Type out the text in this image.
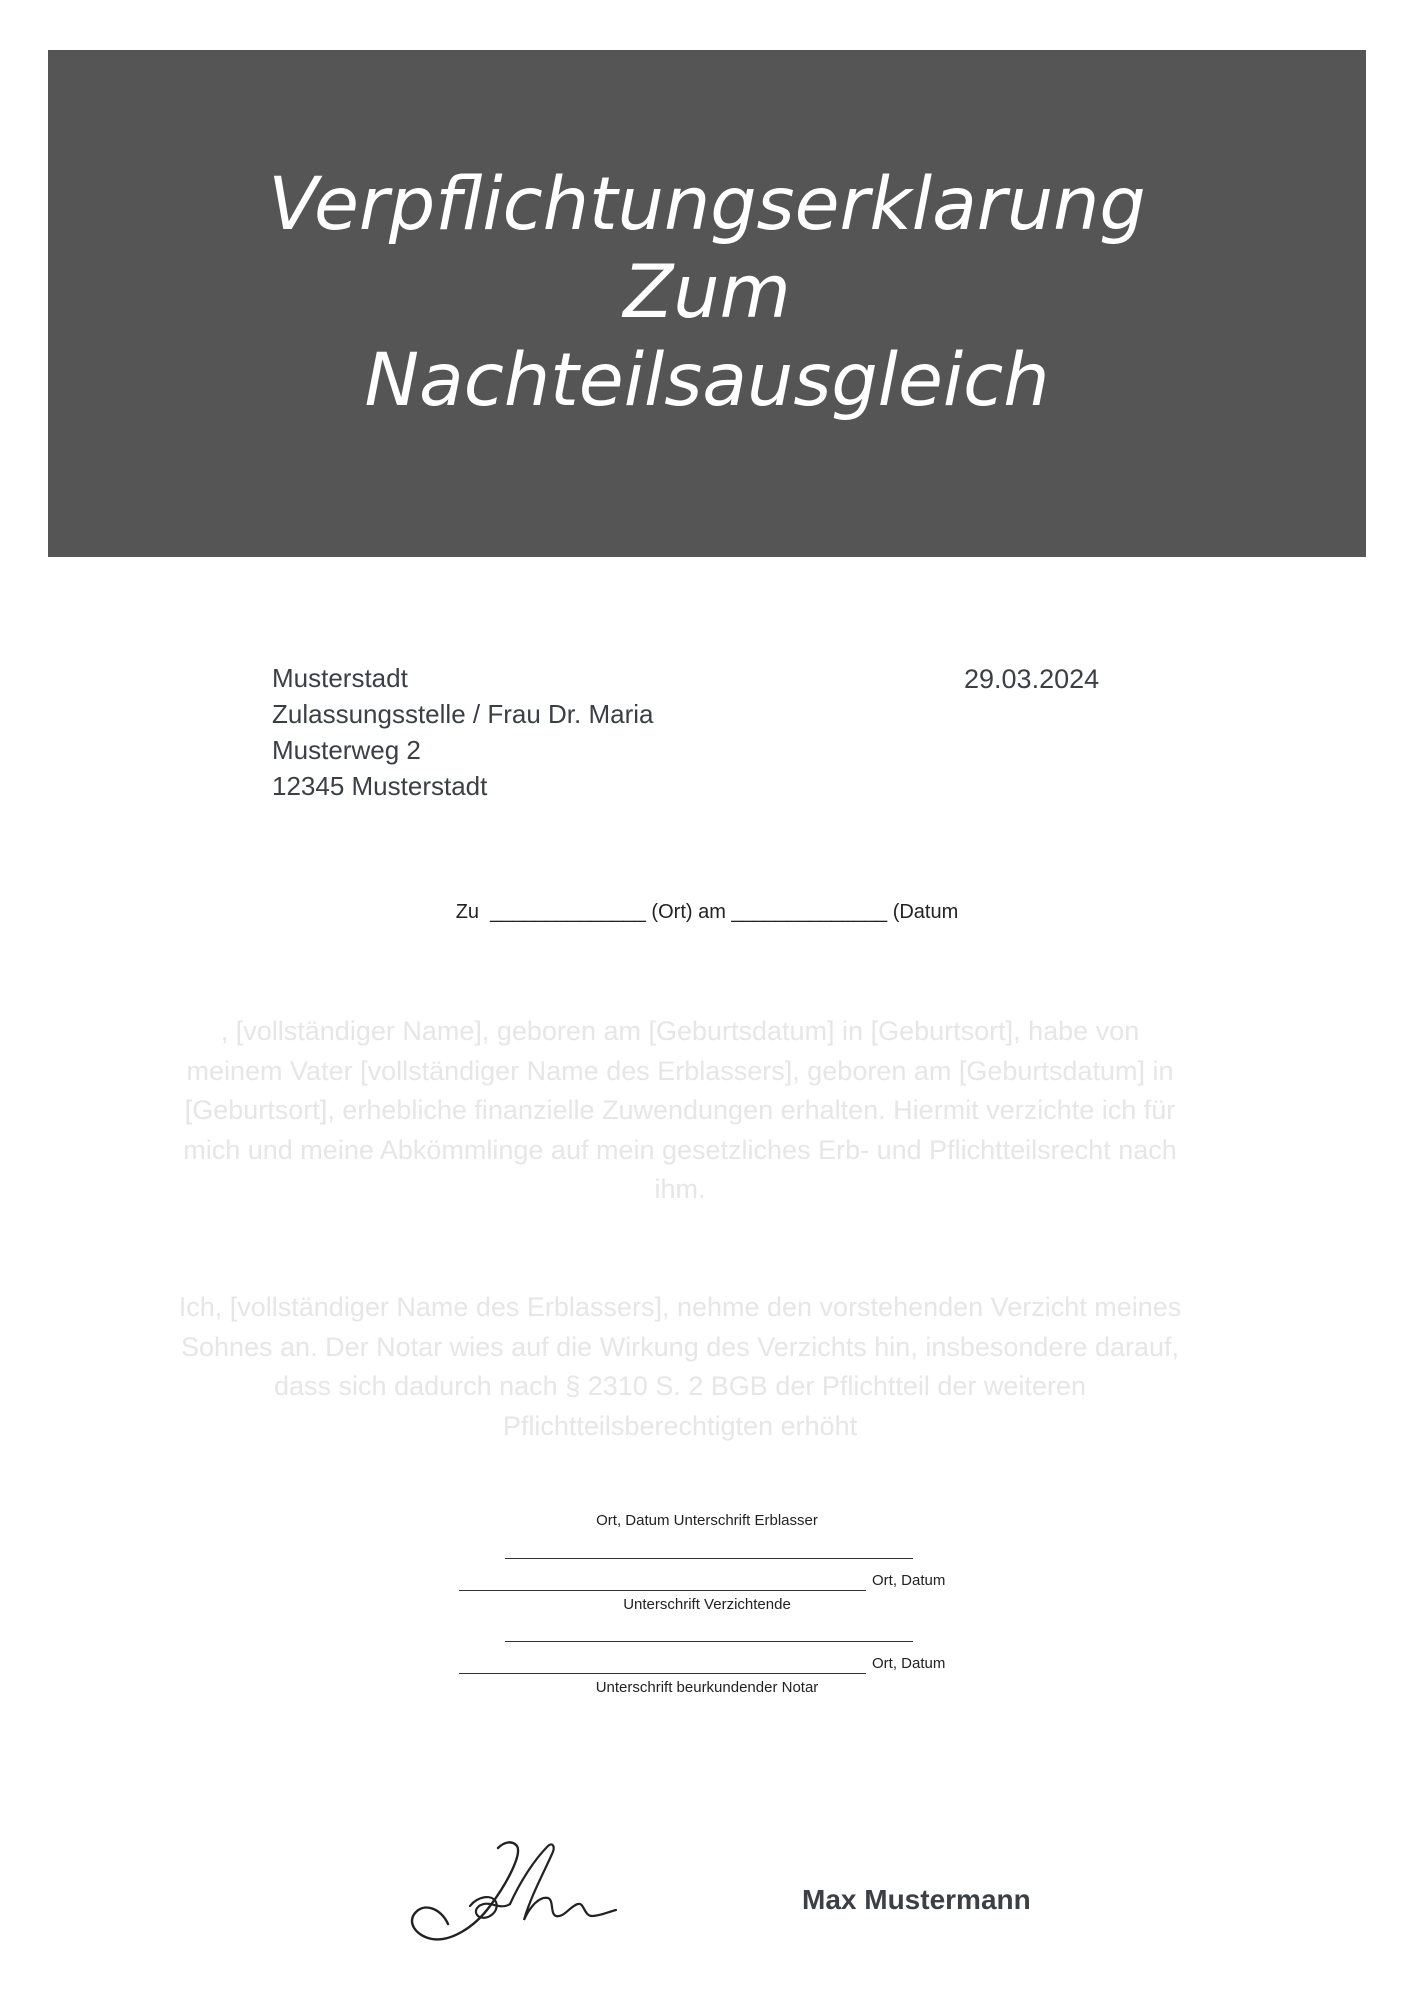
Verpflichtungserklarung
Zum
Nachteilsausgleich
Musterstadt
Zulassungsstelle / Frau Dr. Maria
Musterweg 2
12345 Musterstadt
29.03.2024
Zu  ______________ (Ort) am ______________ (Datum

, [vollständiger Name], geboren am [Geburtsdatum] in [Geburtsort], habe von meinem Vater [vollständiger Name des Erblassers], geboren am [Geburtsdatum] in [Geburtsort], erhebliche finanzielle Zuwendungen erhalten. Hiermit verzichte ich für mich und meine Abkömmlinge auf mein gesetzliches Erb- und Pflichtteilsrecht nach ihm.

Ich, [vollständiger Name des Erblassers], nehme den vorstehenden Verzicht meines Sohnes an. Der Notar wies auf die Wirkung des Verzichts hin, insbesondere darauf, dass sich dadurch nach § 2310 S. 2 BGB der Pflichtteil der weiteren Pflichtteilsberechtigten erhöht

Ort, Datum Unterschrift Erblasser
Ort, Datum
Unterschrift Verzichtende
Ort, Datum
Unterschrift beurkundender Notar
Max Mustermann
